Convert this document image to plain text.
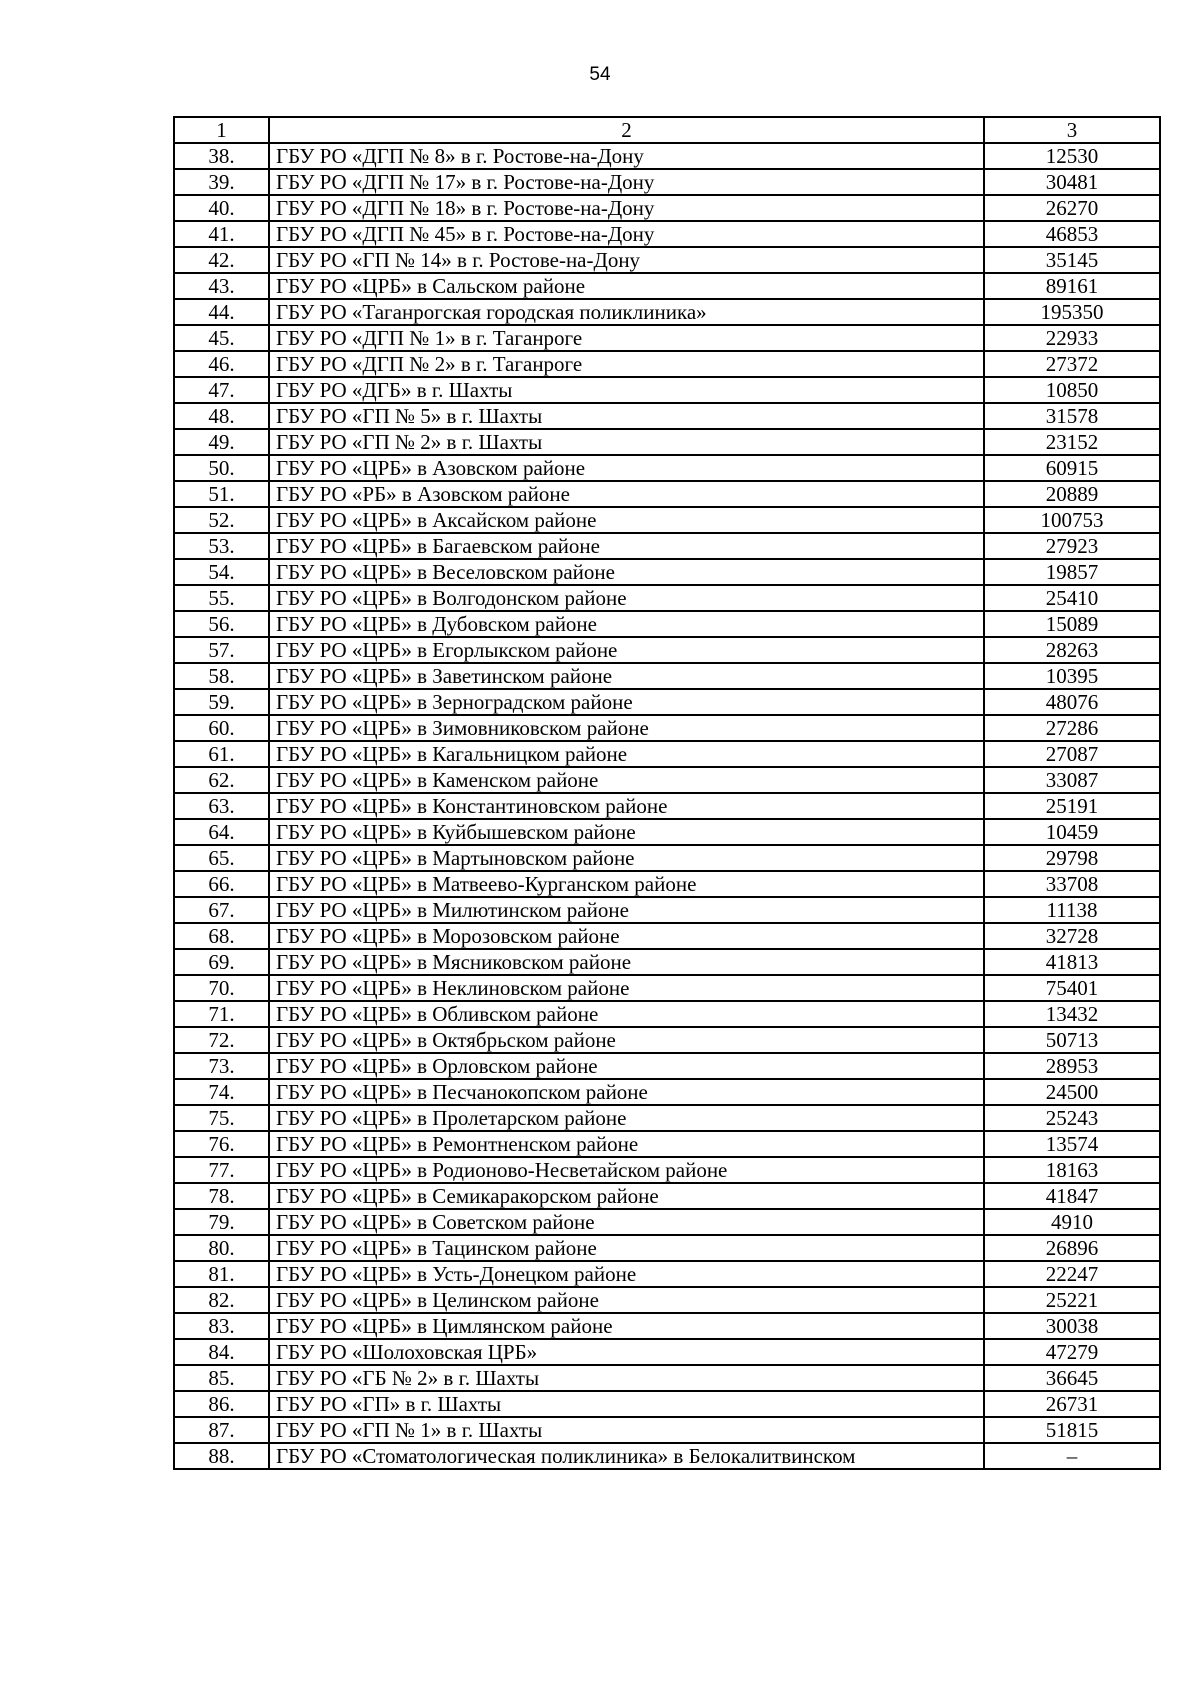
54
1	2	3
38.	ГБУ РО «ДГП № 8» в г. Ростове-на-Дону	12530
39.	ГБУ РО «ДГП № 17» в г. Ростове-на-Дону	30481
40.	ГБУ РО «ДГП № 18» в г. Ростове-на-Дону	26270
41.	ГБУ РО «ДГП № 45» в г. Ростове-на-Дону	46853
42.	ГБУ РО «ГП № 14» в г. Ростове-на-Дону	35145
43.	ГБУ РО «ЦРБ» в Сальском районе	89161
44.	ГБУ РО «Таганрогская городская поликлиника»	195350
45.	ГБУ РО «ДГП № 1» в г. Таганроге	22933
46.	ГБУ РО «ДГП № 2» в г. Таганроге	27372
47.	ГБУ РО «ДГБ» в г. Шахты	10850
48.	ГБУ РО «ГП № 5» в г. Шахты	31578
49.	ГБУ РО «ГП № 2» в г. Шахты	23152
50.	ГБУ РО «ЦРБ» в Азовском районе	60915
51.	ГБУ РО «РБ» в Азовском районе	20889
52.	ГБУ РО «ЦРБ» в Аксайском районе	100753
53.	ГБУ РО «ЦРБ» в Багаевском районе	27923
54.	ГБУ РО «ЦРБ» в Веселовском районе	19857
55.	ГБУ РО «ЦРБ» в Волгодонском районе	25410
56.	ГБУ РО «ЦРБ» в Дубовском районе	15089
57.	ГБУ РО «ЦРБ» в Егорлыкском районе	28263
58.	ГБУ РО «ЦРБ» в Заветинском районе	10395
59.	ГБУ РО «ЦРБ» в Зерноградском районе	48076
60.	ГБУ РО «ЦРБ» в Зимовниковском районе	27286
61.	ГБУ РО «ЦРБ» в Кагальницком районе	27087
62.	ГБУ РО «ЦРБ» в Каменском районе	33087
63.	ГБУ РО «ЦРБ» в Константиновском районе	25191
64.	ГБУ РО «ЦРБ» в Куйбышевском районе	10459
65.	ГБУ РО «ЦРБ» в Мартыновском районе	29798
66.	ГБУ РО «ЦРБ» в Матвеево-Курганском районе	33708
67.	ГБУ РО «ЦРБ» в Милютинском районе	11138
68.	ГБУ РО «ЦРБ» в Морозовском районе	32728
69.	ГБУ РО «ЦРБ» в Мясниковском районе	41813
70.	ГБУ РО «ЦРБ» в Неклиновском районе	75401
71.	ГБУ РО «ЦРБ» в Обливском районе	13432
72.	ГБУ РО «ЦРБ» в Октябрьском районе	50713
73.	ГБУ РО «ЦРБ» в Орловском районе	28953
74.	ГБУ РО «ЦРБ» в Песчанокопском районе	24500
75.	ГБУ РО «ЦРБ» в Пролетарском районе	25243
76.	ГБУ РО «ЦРБ» в Ремонтненском районе	13574
77.	ГБУ РО «ЦРБ» в Родионово-Несветайском районе	18163
78.	ГБУ РО «ЦРБ» в Семикаракорском районе	41847
79.	ГБУ РО «ЦРБ» в Советском районе	4910
80.	ГБУ РО «ЦРБ» в Тацинском районе	26896
81.	ГБУ РО «ЦРБ» в Усть-Донецком районе	22247
82.	ГБУ РО «ЦРБ» в Целинском районе	25221
83.	ГБУ РО «ЦРБ» в Цимлянском районе	30038
84.	ГБУ РО «Шолоховская ЦРБ»	47279
85.	ГБУ РО «ГБ № 2» в г. Шахты	36645
86.	ГБУ РО «ГП» в г. Шахты	26731
87.	ГБУ РО «ГП № 1» в г. Шахты	51815
88.	ГБУ РО «Стоматологическая поликлиника» в Белокалитвинском	–
